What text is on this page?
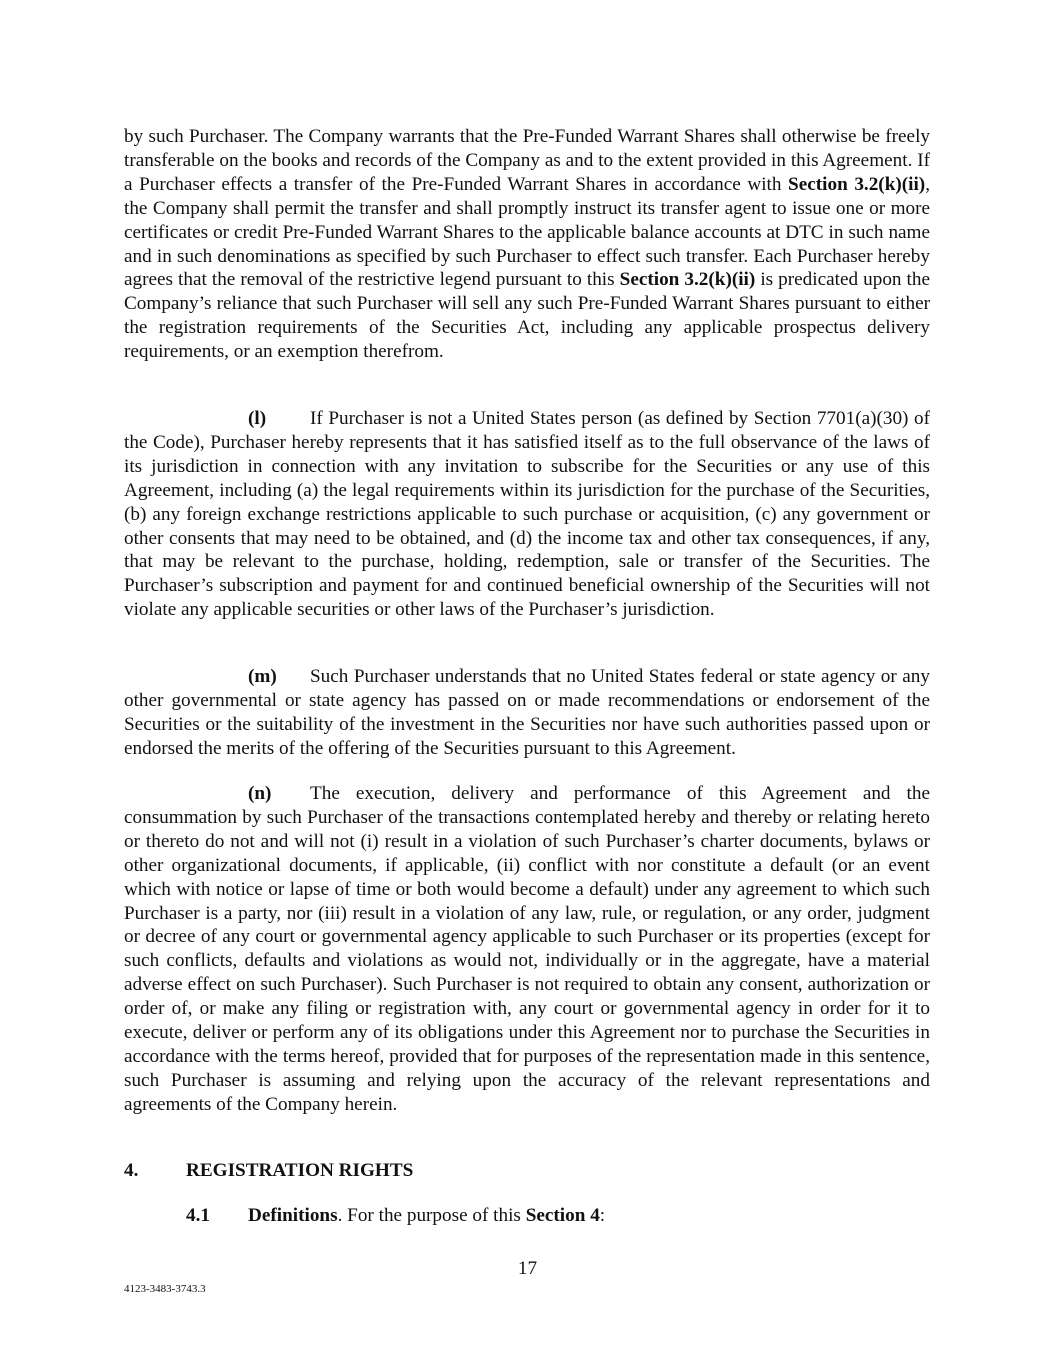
by such Purchaser. The Company warrants that the Pre-Funded Warrant Shares shall otherwise be freely transferable on the books and records of the Company as and to the extent provided in this Agreement. If a Purchaser effects a transfer of the Pre-Funded Warrant Shares in accordance with Section 3.2(k)(ii), the Company shall permit the transfer and shall promptly instruct its transfer agent to issue one or more certificates or credit Pre-Funded Warrant Shares to the applicable balance accounts at DTC in such name and in such denominations as specified by such Purchaser to effect such transfer. Each Purchaser hereby agrees that the removal of the restrictive legend pursuant to this Section 3.2(k)(ii) is predicated upon the Company’s reliance that such Purchaser will sell any such Pre-Funded Warrant Shares pursuant to either the registration requirements of the Securities Act, including any applicable prospectus delivery requirements, or an exemption therefrom.

(l) If Purchaser is not a United States person (as defined by Section 7701(a)(30) of the Code), Purchaser hereby represents that it has satisfied itself as to the full observance of the laws of its jurisdiction in connection with any invitation to subscribe for the Securities or any use of this Agreement, including (a) the legal requirements within its jurisdiction for the purchase of the Securities, (b) any foreign exchange restrictions applicable to such purchase or acquisition, (c) any government or other consents that may need to be obtained, and (d) the income tax and other tax consequences, if any, that may be relevant to the purchase, holding, redemption, sale or transfer of the Securities. The Purchaser’s subscription and payment for and continued beneficial ownership of the Securities will not violate any applicable securities or other laws of the Purchaser’s jurisdiction.

(m) Such Purchaser understands that no United States federal or state agency or any other governmental or state agency has passed on or made recommendations or endorsement of the Securities or the suitability of the investment in the Securities nor have such authorities passed upon or endorsed the merits of the offering of the Securities pursuant to this Agreement.

(n) The execution, delivery and performance of this Agreement and the consummation by such Purchaser of the transactions contemplated hereby and thereby or relating hereto or thereto do not and will not (i) result in a violation of such Purchaser’s charter documents, bylaws or other organizational documents, if applicable, (ii) conflict with nor constitute a default (or an event which with notice or lapse of time or both would become a default) under any agreement to which such Purchaser is a party, nor (iii) result in a violation of any law, rule, or regulation, or any order, judgment or decree of any court or governmental agency applicable to such Purchaser or its properties (except for such conflicts, defaults and violations as would not, individually or in the aggregate, have a material adverse effect on such Purchaser). Such Purchaser is not required to obtain any consent, authorization or order of, or make any filing or registration with, any court or governmental agency in order for it to execute, deliver or perform any of its obligations under this Agreement nor to purchase the Securities in accordance with the terms hereof, provided that for purposes of the representation made in this sentence, such Purchaser is assuming and relying upon the accuracy of the relevant representations and agreements of the Company herein.

4. REGISTRATION RIGHTS
4.1 Definitions. For the purpose of this Section 4:
17
4123-3483-3743.3
